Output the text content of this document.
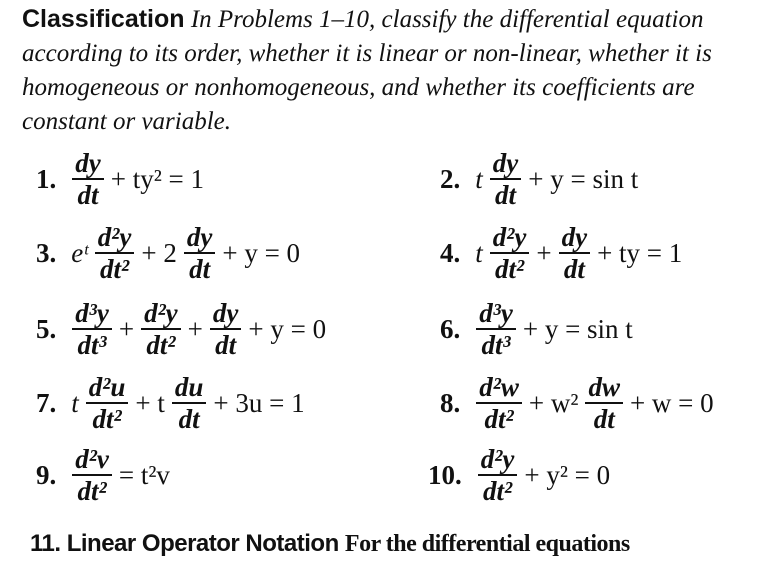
Classification In Problems 1–10, classify the differential equation according to its order, whether it is linear or non-linear, whether it is homogeneous or nonhomogeneous, and whether its coefficients are constant or variable.
1. $\frac{dy}{dt} + ty^2 = 1$	2. t $\frac{dy}{dt} + y = \sin t$
3. eᵗ $\frac{\text{d²y}}{\text{dt²}} + 2 \frac{dy}{dt} + y = 0$	4. t $\frac{\text{d²y}}{\text{dt²}} + \frac{dy}{dt}$ + ty = 1
5. $\frac{\text{d³y}}{\text{dt³}} + \frac{\text{d²y}}{\text{dt²}} + \frac{dy}{dt} + y = 0$	6. $\frac{\text{d³y}}{\text{dt³}} + y = \sin t$
7. t $\frac{\text{d²u}}{\text{dt²}} + t \frac{du}{dt} + 3u = 1$	8. $\frac{\text{d²w}}{\text{dt²}} + w^2 \frac{dw}{dt} + w = 0$
9. $\frac{\text{d²v}}{\text{dt²}} = t^2v$	10. $\frac{\text{d²y}}{\text{dt²}} + y^2 = 0$
11. Linear Operator Notation For the differential equations
